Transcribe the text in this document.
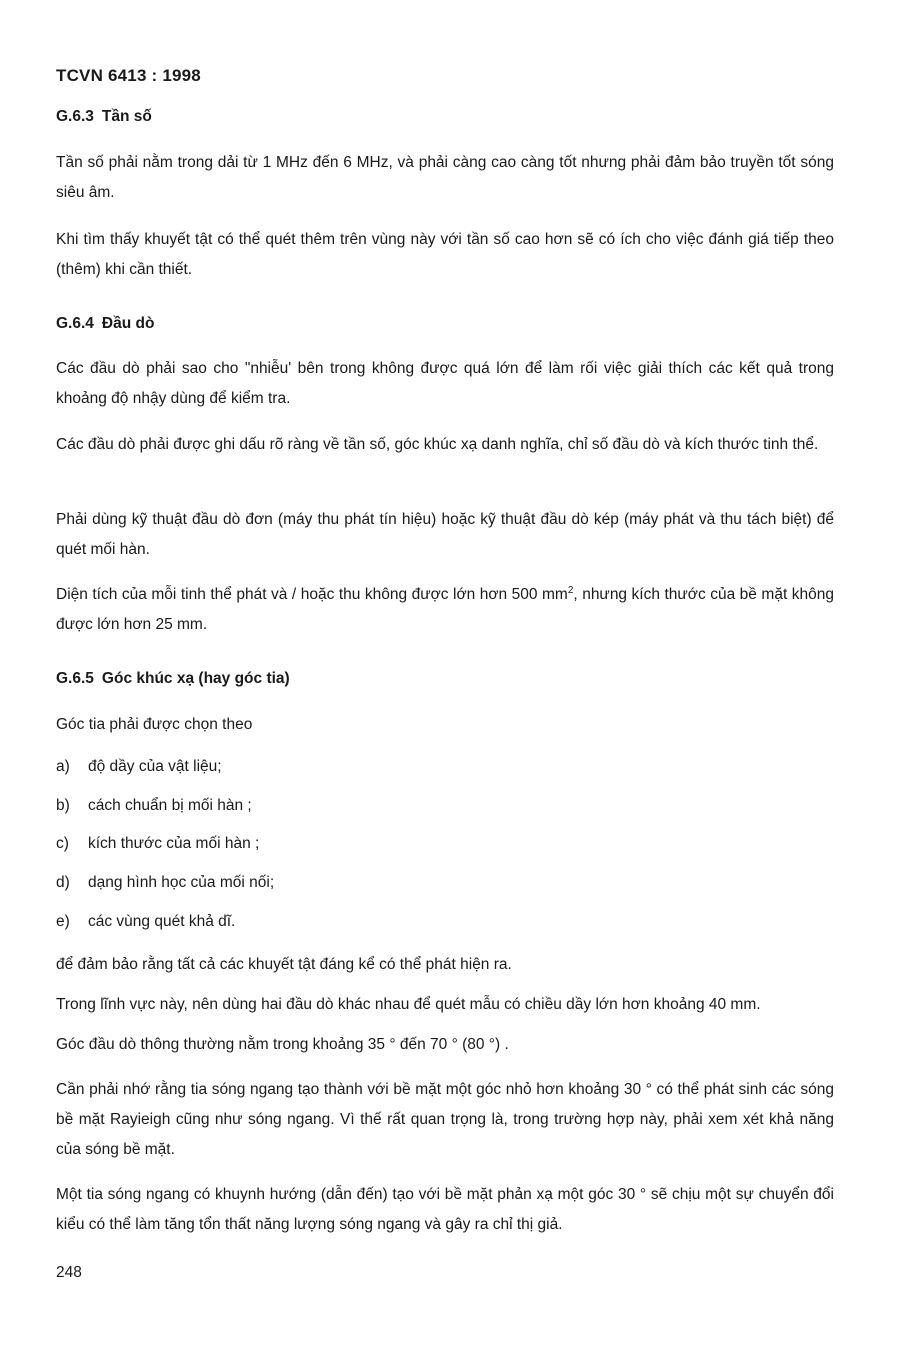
TCVN 6413 : 1998
G.6.3 Tần số

Tần số phải nằm trong dải từ 1 MHz đến 6 MHz, và phải càng cao càng tốt nhưng phải đảm bảo truyền tốt sóng siêu âm.

Khi tìm thấy khuyết tật có thể quét thêm trên vùng này với tần số cao hơn sẽ có ích cho việc đánh giá tiếp theo (thêm) khi cần thiết.

G.6.4 Đầu dò

Các đầu dò phải sao cho "nhiễu' bên trong không được quá lớn để làm rối việc giải thích các kết quả trong khoảng độ nhậy dùng để kiểm tra.

Các đầu dò phải được ghi dấu rõ ràng về tần số, góc khúc xạ danh nghĩa, chỉ số đầu dò và kích thước tinh thể.

Phải dùng kỹ thuật đầu dò đơn (máy thu phát tín hiệu) hoặc kỹ thuật đầu dò kép (máy phát và thu tách biệt) để quét mối hàn.

Diện tích của mỗi tinh thể phát và / hoặc thu không được lớn hơn 500 $mm^2$, nhưng kích thước của bề mặt không được lớn hơn 25 mm.

G.6.5 Góc khúc xạ (hay góc tia)

Góc tia phải được chọn theo

a) độ dầy của vật liệu;
b) cách chuẩn bị mối hàn ;
c) kích thước của mối hàn ;
d) dạng hình học của mối nối;
e) các vùng quét khả dĩ.

để đảm bảo rằng tất cả các khuyết tật đáng kể có thể phát hiện ra.

Trong lĩnh vực này, nên dùng hai đầu dò khác nhau để quét mẫu có chiều dầy lớn hơn khoảng 40 mm.

Góc đầu dò thông thường nằm trong khoảng 35 ° đến 70 ° (80 °) .

Cần phải nhớ rằng tia sóng ngang tạo thành với bề mặt một góc nhỏ hơn khoảng 30 ° có thể phát sinh các sóng bề mặt Rayieigh cũng như sóng ngang. Vì thế rất quan trọng là, trong trường hợp này, phải xem xét khả năng của sóng bề mặt.

Một tia sóng ngang có khuynh hướng (dẫn đến) tạo với bề mặt phản xạ một góc 30 ° sẽ chịu một sự chuyển đổi kiểu có thể làm tăng tổn thất năng lượng sóng ngang và gây ra chỉ thị giả.

248
